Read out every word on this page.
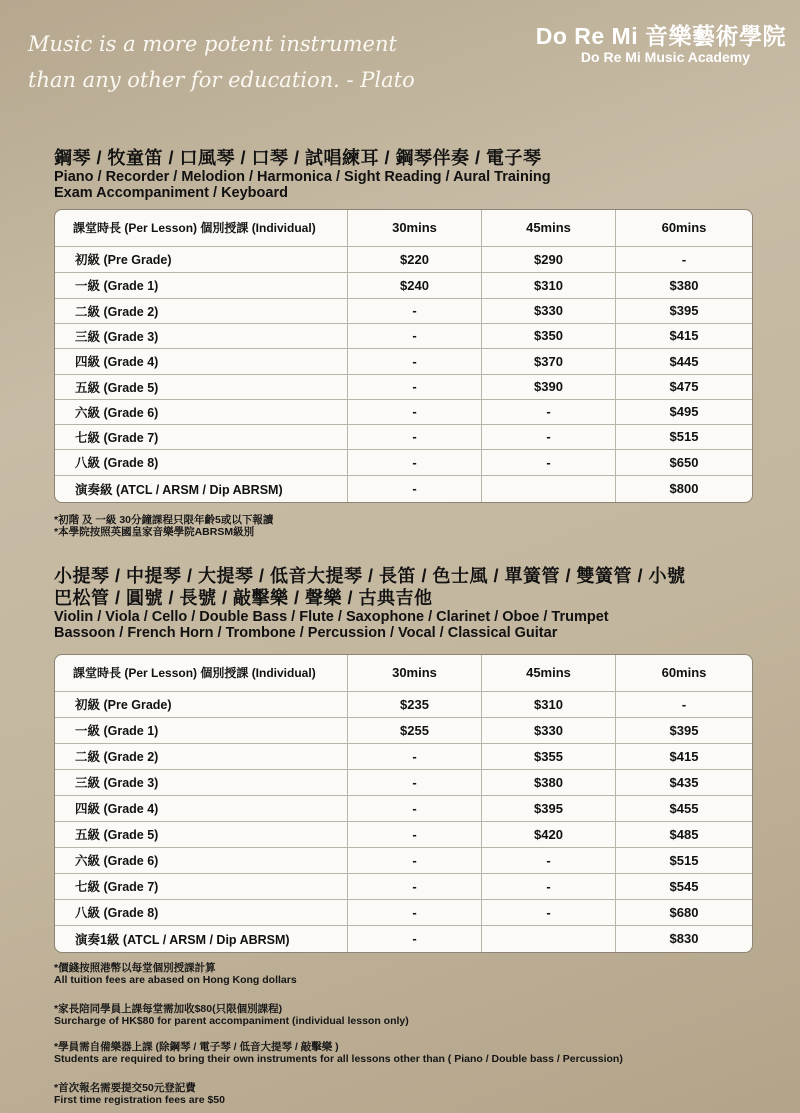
Music is a more potent instrument
than any other for education. - Plato
Do Re Mi 音樂藝術學院
Do Re Mi Music Academy
鋼琴 / 牧童笛 / 口風琴 / 口琴 / 試唱練耳 / 鋼琴伴奏 / 電子琴
Piano / Recorder / Melodion / Harmonica / Sight Reading / Aural Training
Exam Accompaniment / Keyboard
課堂時長 (Per Lesson) 個別授課 (Individual)	30mins	45mins	60mins
初級 (Pre Grade)	$220	$290	-
一級 (Grade 1)	$240	$310	$380
二級 (Grade 2)	-	$330	$395
三級 (Grade 3)	-	$350	$415
四級 (Grade 4)	-	$370	$445
五級 (Grade 5)	-	$390	$475
六級 (Grade 6)	-	-	$495
七級 (Grade 7)	-	-	$515
八級 (Grade 8)	-	-	$650
演奏級 (ATCL / ARSM / Dip ABRSM)	-		$800
*初階 及 一級 30分鐘課程只限年齡5或以下報讀
*本學院按照英國皇家音樂學院ABRSM級別
小提琴 / 中提琴 / 大提琴 / 低音大提琴 / 長笛 / 色士風 / 單簧管 / 雙簧管 / 小號
巴松管 / 圓號 / 長號 / 敲擊樂 / 聲樂 / 古典吉他
Violin / Viola / Cello / Double Bass / Flute / Saxophone / Clarinet / Oboe / Trumpet
Bassoon / French Horn / Trombone / Percussion / Vocal / Classical Guitar
課堂時長 (Per Lesson) 個別授課 (Individual)	30mins	45mins	60mins
初級 (Pre Grade)	$235	$310	-
一級 (Grade 1)	$255	$330	$395
二級 (Grade 2)	-	$355	$415
三級 (Grade 3)	-	$380	$435
四級 (Grade 4)	-	$395	$455
五級 (Grade 5)	-	$420	$485
六級 (Grade 6)	-	-	$515
七級 (Grade 7)	-	-	$545
八級 (Grade 8)	-	-	$680
演奏1級 (ATCL / ARSM / Dip ABRSM)	-		$830
*價錢按照港幣以每堂個別授課計算
All tuition fees are abased on Hong Kong dollars
*家長陪同學員上課每堂需加收$80(只限個別課程)
Surcharge of HK$80 for parent accompaniment (individual lesson only)
*學員需自備樂器上課 (除鋼琴 / 電子琴 / 低音大提琴 / 敲擊樂 )
Students are required to bring their own instruments for all lessons other than ( Piano / Double bass / Percussion)
*首次報名需要提交50元登記費
First time registration fees are $50
